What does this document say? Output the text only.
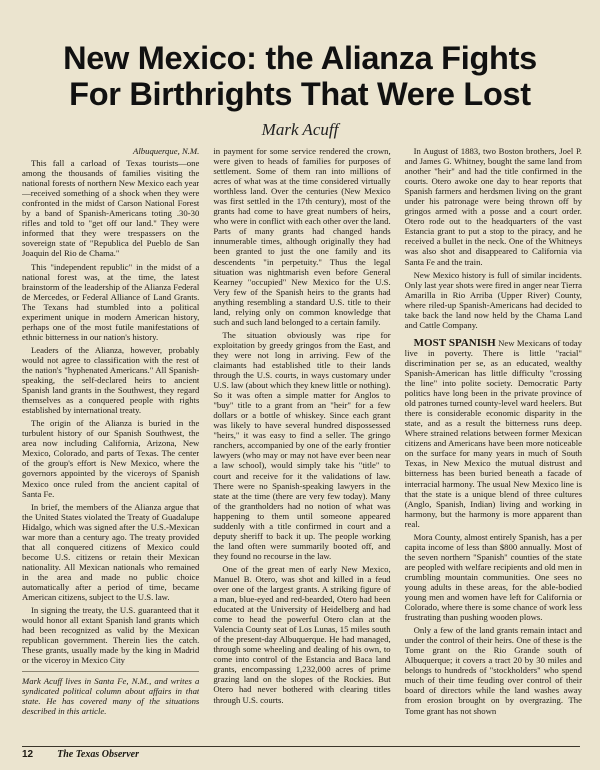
New Mexico: the Alianza Fights
For Birthrights That Were Lost
Mark Acuff
Albuquerque, N.M.

This fall a carload of Texas tourists—one among the thousands of families visiting the national forests of northern New Mexico each year—received something of a shock when they were confronted in the midst of Carson National Forest by a band of Spanish-Americans toting .30-30 rifles and told to "get off our land." They were informed that they were trespassers on the sovereign state of "Republica del Pueblo de San Joaquin del Rio de Chama."

This "independent republic" in the midst of a national forest was, at the time, the latest brainstorm of the leadership of the Alianza Federal de Mercedes, or Federal Alliance of Land Grants. The Texans had stumbled into a political experiment unique in modern American history, perhaps one of the most futile manifestations of ethnic bitterness in our nation's history.

Leaders of the Alianza, however, probably would not agree to classification with the rest of the nation's "hyphenated Americans." All Spanish-speaking, the self-declared heirs to ancient Spanish land grants in the Southwest, they regard themselves as a conquered people with rights established by international treaty.

The origin of the Alianza is buried in the turbulent history of our Spanish Southwest, the area now including California, Arizona, New Mexico, Colorado, and parts of Texas. The center of the group's effort is New Mexico, where the governors appointed by the viceroys of Spanish Mexico once ruled from the ancient capital of Santa Fe.

In brief, the members of the Alianza argue that the United States violated the Treaty of Guadalupe Hidalgo, which was signed after the U.S.-Mexican war more than a century ago. The treaty provided that all conquered citizens of Mexico could become U.S. citizens or retain their Mexican nationality. All Mexican nationals who remained in the area and made no public choice automatically after a period of time, became American citizens, subject to the U.S. law.

In signing the treaty, the U.S. guaranteed that it would honor all extant Spanish land grants which had been recognized as valid by the Mexican republican government. Therein lies the catch. These grants, usually made by the king in Madrid or the viceroy in Mexico City

Mark Acuff lives in Santa Fe, N.M., and writes a syndicated political column about affairs in that state. He has covered many of the situations described in this article.

in payment for some service rendered the crown, were given to heads of families for purposes of settlement. Some of them ran into millions of acres of what was at the time considered virtually worthless land. Over the centuries (New Mexico was first settled in the 17th century), most of the grants had come to have great numbers of heirs, who were in conflict with each other over the land. Parts of many grants had changed hands innumerable times, although originally they had been granted to just the one family and its descendents "in perpetuity." Thus the legal situation was nightmarish even before General Kearney "occupied" New Mexico for the U.S. Very few of the Spanish heirs to the grants had anything resembling a standard U.S. title to their land, relying only on common knowledge that such and such land belonged to a certain family.

The situation obviously was ripe for exploitation by greedy gringos from the East, and they were not long in arriving. Few of the claimants had established title to their lands through the U.S. courts, in ways customary under U.S. law (about which they knew little or nothing). So it was often a simple matter for Anglos to "buy" title to a grant from an "heir" for a few dollars or a bottle of whiskey. Since each grant was likely to have several hundred dispossessed "heirs," it was easy to find a seller. The gringo ranchers, accompanied by one of the early frontier lawyers (who may or may not have ever been near a law school), would simply take his "title" to court and receive for it the validations of law. There were no Spanish-speaking lawyers in the state at the time (there are very few today). Many of the grantholders had no notion of what was happening to them until someone appeared suddenly with a title confirmed in court and a deputy sheriff to back it up. The people working the land often were summarily booted off, and they found no recourse in the law.

One of the great men of early New Mexico, Manuel B. Otero, was shot and killed in a feud over one of the largest grants. A striking figure of a man, blue-eyed and red-bearded, Otero had been educated at the University of Heidelberg and had come to head the powerful Otero clan at the Valencia County seat of Los Lunas, 15 miles south of the present-day Albuquerque. He had managed, through some wheeling and dealing of his own, to come into control of the Estancia and Baca land grants, encompassing 1,232,000 acres of prime grazing land on the slopes of the Rockies. But Otero had never bothered with clearing titles through U.S. courts.

In August of 1883, two Boston brothers, Joel P. and James G. Whitney, bought the same land from another "heir" and had the title confirmed in the courts. Otero awoke one day to hear reports that Spanish farmers and herdsmen living on the grant under his patronage were being thrown off by gringos armed with a posse and a court order. Otero rode out to the headquarters of the vast Estancia grant to put a stop to the piracy, and he received a bullet in the neck. One of the Whitneys was also shot and disappeared to California via Santa Fe and the train.

New Mexico history is full of similar incidents. Only last year shots were fired in anger near Tierra Amarilla in Rio Arriba (Upper River) County, where riled-up Spanish-Americans had decided to take back the land now held by the Chama Land and Cattle Company.

MOST SPANISH New Mexicans of today live in poverty. There is little "racial" discrimination per se, as an educated, wealthy Spanish-American has little difficulty "crossing the line" into polite society. Democratic Party politics have long been in the private province of old patrones turned county-level ward heelers. But there is considerable economic disparity in the state, and as a result the bitterness runs deep. Where strained relations between former Mexican citizens and Americans have been more noticeable on the surface for many years in much of South Texas, in New Mexico the mutual distrust and bitterness has been buried beneath a facade of interracial harmony. The usual New Mexico line is that the state is a unique blend of three cultures (Anglo, Spanish, Indian) living and working in harmony, but the harmony is more apparent than real.

Mora County, almost entirely Spanish, has a per capita income of less than $800 annually. Most of the seven northern "Spanish" counties of the state are peopled with welfare recipients and old men in crumbling mountain communities. One sees no young adults in these areas, for the able-bodied young men and women have left for California or Colorado, where there is some chance of work less frustrating than pushing wooden plows.

Only a few of the land grants remain intact and under the control of their heirs. One of these is the Tome grant on the Rio Grande south of Albuquerque; it covers a tract 20 by 30 miles and belongs to hundreds of "stockholders" who spend much of their time feuding over control of their board of directors while the land washes away from erosion brought on by overgrazing. The Tome grant has not shown

12 The Texas Observer
